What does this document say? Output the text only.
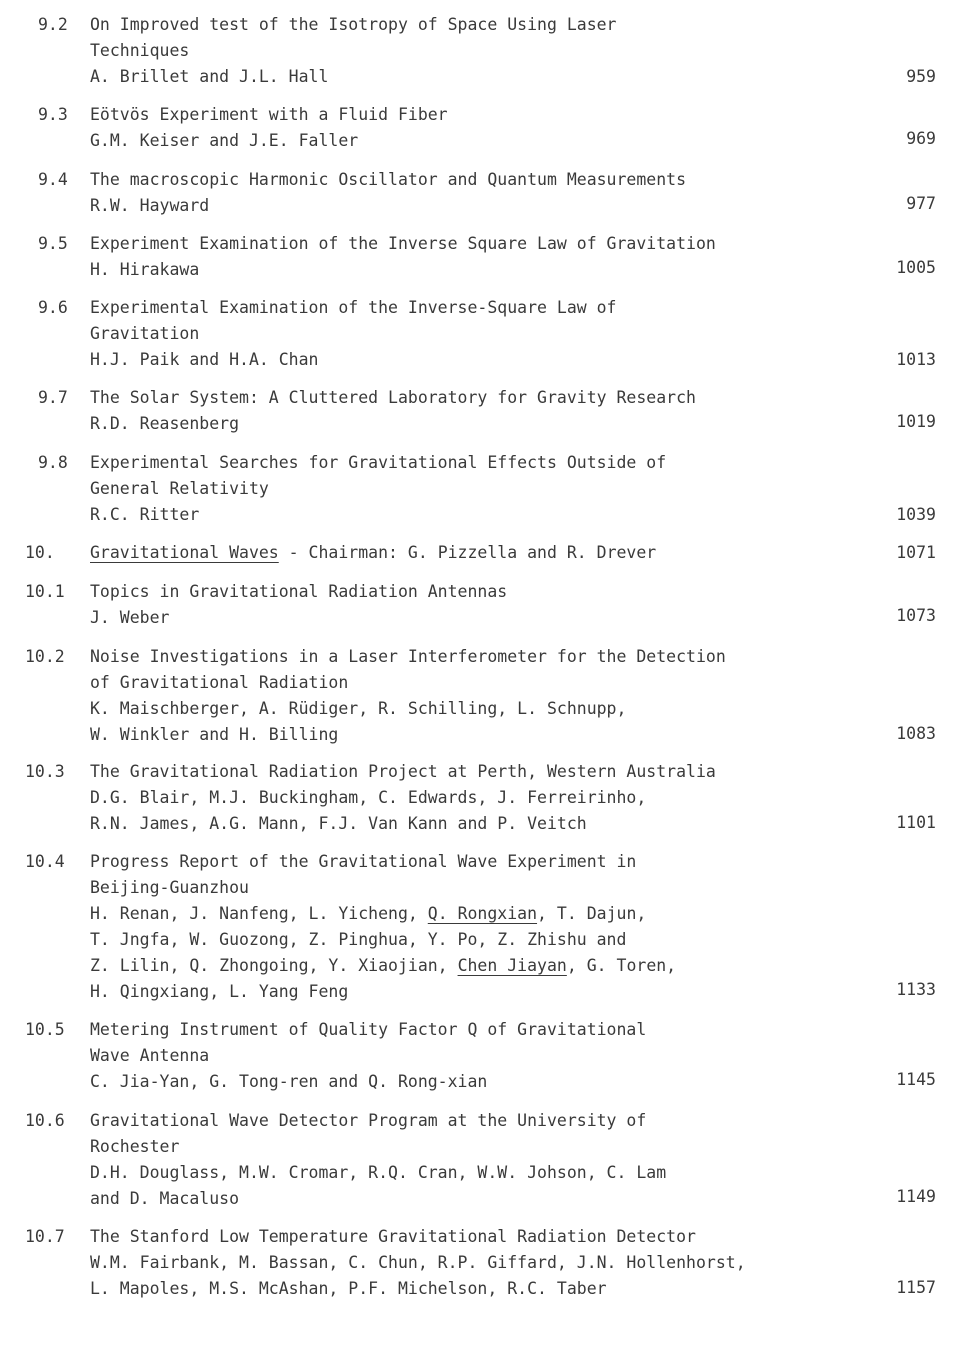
9.2 On Improved test of the Isotropy of Space Using Laser
Techniques
A. Brillet and J.L. Hall	959
9.3 Eötvös Experiment with a Fluid Fiber
G.M. Keiser and J.E. Faller	969
9.4 The macroscopic Harmonic Oscillator and Quantum Measurements
R.W. Hayward	977
9.5 Experiment Examination of the Inverse Square Law of Gravitation
H. Hirakawa	1005
9.6 Experimental Examination of the Inverse-Square Law of
Gravitation
H.J. Paik and H.A. Chan	1013
9.7 The Solar System: A Cluttered Laboratory for Gravity Research
R.D. Reasenberg	1019
9.8 Experimental Searches for Gravitational Effects Outside of
General Relativity
R.C. Ritter	1039
10. Gravitational Waves - Chairman: G. Pizzella and R. Drever	1071
10.1 Topics in Gravitational Radiation Antennas
J. Weber	1073
10.2 Noise Investigations in a Laser Interferometer for the Detection
of Gravitational Radiation
K. Maischberger, A. Rüdiger, R. Schilling, L. Schnupp,
W. Winkler and H. Billing	1083
10.3 The Gravitational Radiation Project at Perth, Western Australia
D.G. Blair, M.J. Buckingham, C. Edwards, J. Ferreirinho,
R.N. James, A.G. Mann, F.J. Van Kann and P. Veitch	1101
10.4 Progress Report of the Gravitational Wave Experiment in
Beijing-Guanzhou
H. Renan, J. Nanfeng, L. Yicheng, Q. Rongxian, T. Dajun,
T. Jngfa, W. Guozong, Z. Pinghua, Y. Po, Z. Zhishu and
Z. Lilin, Q. Zhongoing, Y. Xiaojian, Chen Jiayan, G. Toren,
H. Qingxiang, L. Yang Feng	1133
10.5 Metering Instrument of Quality Factor Q of Gravitational
Wave Antenna
C. Jia-Yan, G. Tong-ren and Q. Rong-xian	1145
10.6 Gravitational Wave Detector Program at the University of
Rochester
D.H. Douglass, M.W. Cromar, R.Q. Cran, W.W. Johson, C. Lam
and D. Macaluso	1149
10.7 The Stanford Low Temperature Gravitational Radiation Detector
W.M. Fairbank, M. Bassan, C. Chun, R.P. Giffard, J.N. Hollenhorst,
L. Mapoles, M.S. McAshan, P.F. Michelson, R.C. Taber	1157
